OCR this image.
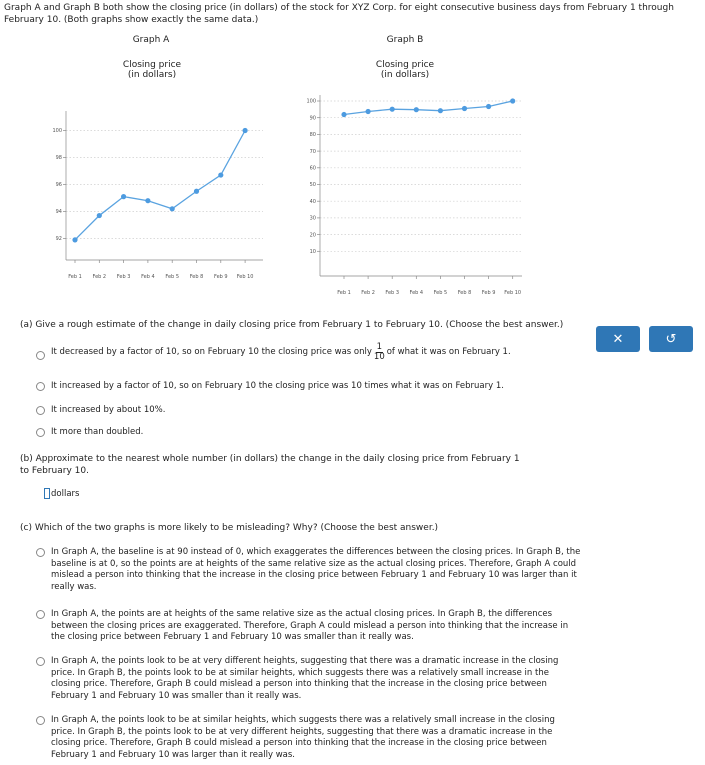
Graph A and Graph B both show the closing price (in dollars) of the stock for XYZ Corp. for eight consecutive business days from February 1 through February 10. (Both graphs show exactly the same data.)
Graph A
Closing price
(in dollars)
92
94
96
98
100
Feb 1 Feb 2 Feb 3 Feb 4 Feb 5 Feb 8 Feb 9 Feb 10
Graph B
Closing price
(in dollars)
10
20
30
40
50
60
70
80
90
100
Feb 1 Feb 2 Feb 3 Feb 4 Feb 5 Feb 8 Feb 9 Feb 10
✕	↺
(a) Give a rough estimate of the change in daily closing price from February 1 to February 10. (Choose the best answer.)
It decreased by a factor of 10, so on February 10 the closing price was only $\frac{1}{10}$ of what it was on February 1.
It increased by a factor of 10, so on February 10 the closing price was 10 times what it was on February 1.
It increased by about 10%.
It more than doubled.
(b) Approximate to the nearest whole number (in dollars) the change in the daily closing price from February 1 to February 10.
dollars
(c) Which of the two graphs is more likely to be misleading? Why? (Choose the best answer.)
In Graph A, the baseline is at 90 instead of 0, which exaggerates the differences between the closing prices. In Graph B, the baseline is at 0, so the points are at heights of the same relative size as the actual closing prices. Therefore, Graph A could mislead a person into thinking that the increase in the closing price between February 1 and February 10 was larger than it really was.
In Graph A, the points are at heights of the same relative size as the actual closing prices. In Graph B, the differences between the closing prices are exaggerated. Therefore, Graph A could mislead a person into thinking that the increase in the closing price between February 1 and February 10 was smaller than it really was.
In Graph A, the points look to be at very different heights, suggesting that there was a dramatic increase in the closing price. In Graph B, the points look to be at similar heights, which suggests there was a relatively small increase in the closing price. Therefore, Graph B could mislead a person into thinking that the increase in the closing price between February 1 and February 10 was smaller than it really was.
In Graph A, the points look to be at similar heights, which suggests there was a relatively small increase in the closing price. In Graph B, the points look to be at very different heights, suggesting that there was a dramatic increase in the closing price. Therefore, Graph B could mislead a person into thinking that the increase in the closing price between February 1 and February 10 was larger than it really was.
